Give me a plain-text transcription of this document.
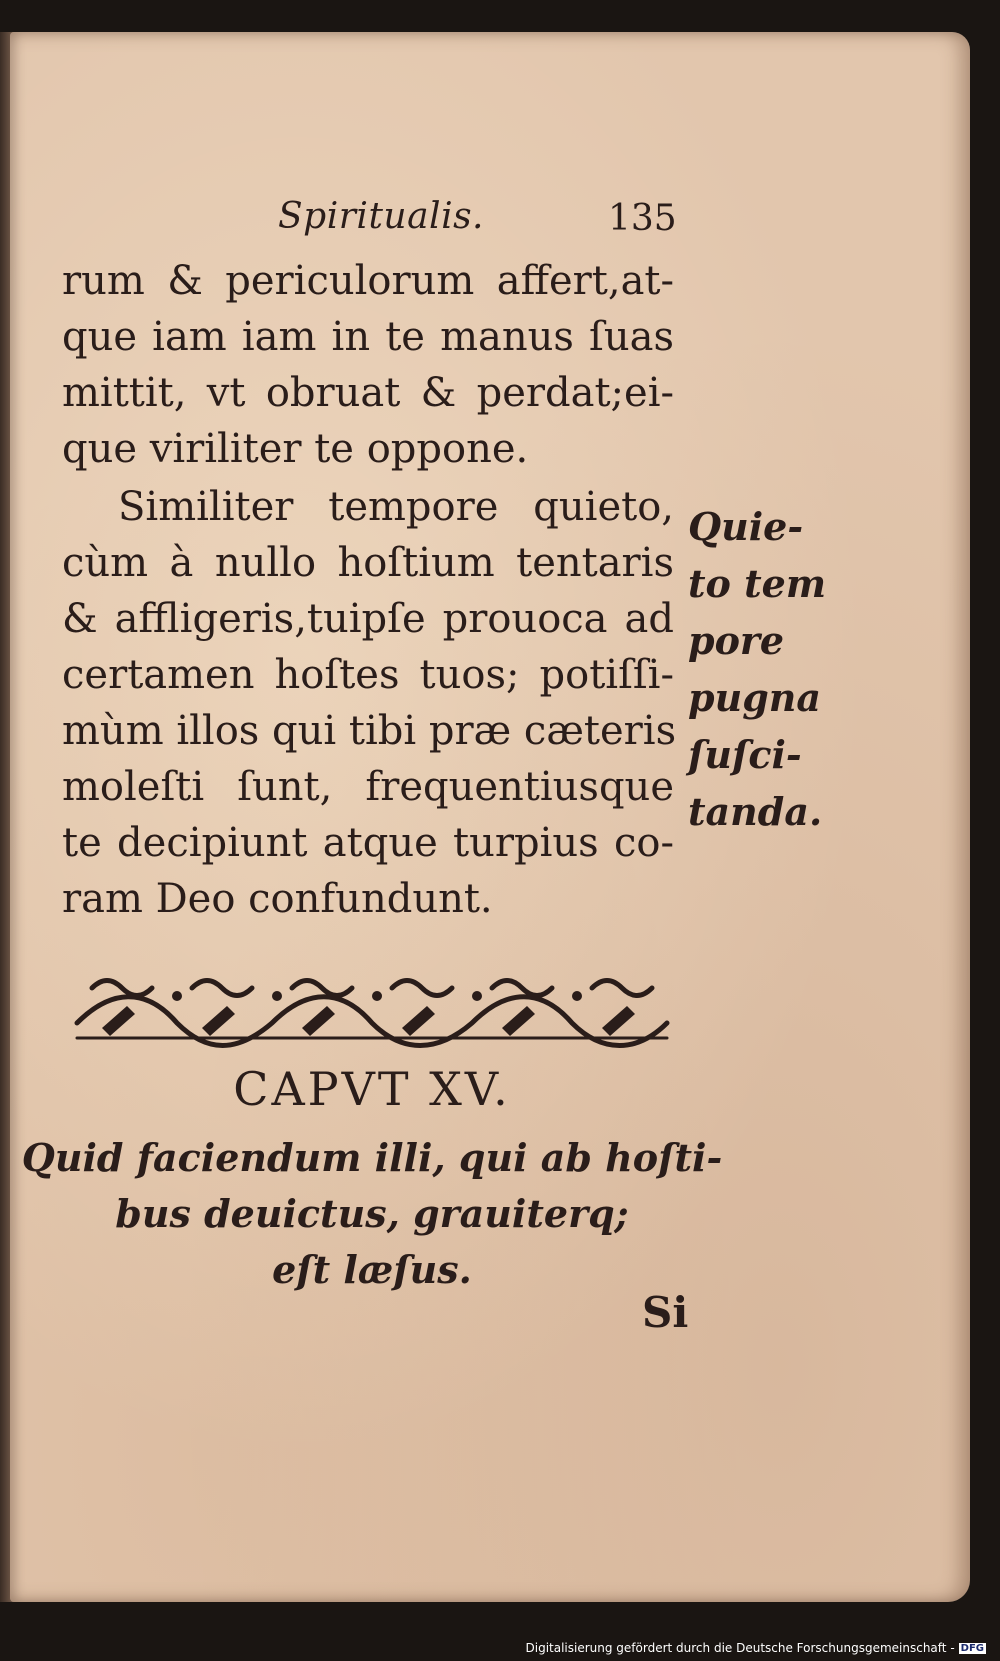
Spiritualis.	135
rum & periculorum affert,at-
que iam iam in te manus ſuas
mittit, vt obruat & perdat;ei-
que viriliter te oppone.
Similiter tempore quieto,
cùm à nullo hoſtium tentaris
& affligeris,tuipſe prouoca ad
certamen hoſtes tuos; potiſſi-
mùm illos qui tibi præ cæteris
moleſti ſunt, frequentiusque
te decipiunt atque turpius co-
ram Deo confundunt.
Quie-
to tem
pore
pugna
ſuſci-
tanda.
CAPVT XV.
Quid faciendum illi, qui ab hoſti-
bus deuictus, grauiterq;
eſt læſus.
Si
Digitalisierung gefördert durch die Deutsche Forschungsgemeinschaft - DFG
